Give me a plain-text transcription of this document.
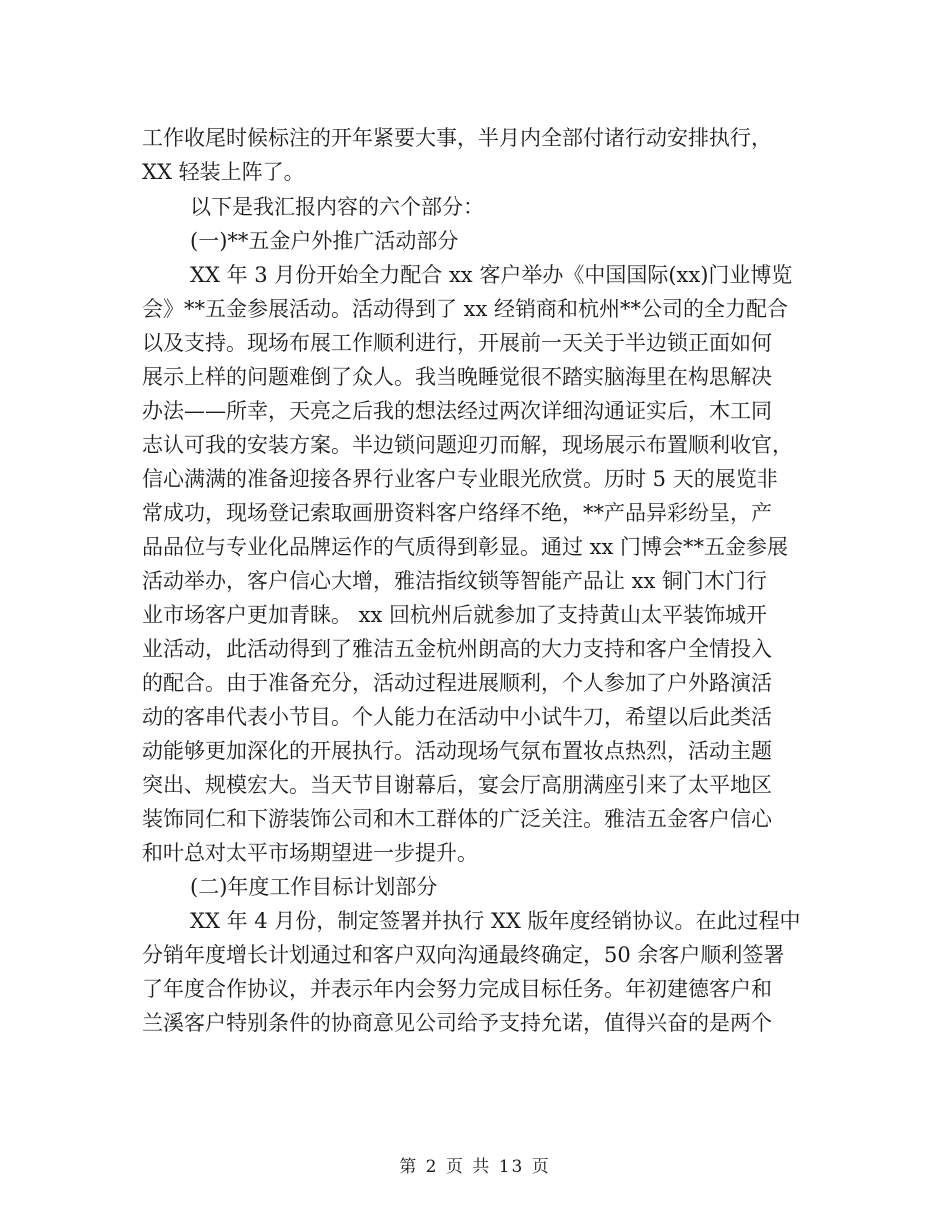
工作收尾时候标注的开年紧要大事，半月内全部付诸行动安排执行，
XX 轻装上阵了。
以下是我汇报内容的六个部分：
(一)**五金户外推广活动部分
XX 年 3 月份开始全力配合 xx 客户举办《中国国际(xx)门业博览
会》**五金参展活动。活动得到了 xx 经销商和杭州**公司的全力配合
以及支持。现场布展工作顺利进行，开展前一天关于半边锁正面如何
展示上样的问题难倒了众人。我当晚睡觉很不踏实脑海里在构思解决
办法——所幸，天亮之后我的想法经过两次详细沟通证实后，木工同
志认可我的安装方案。半边锁问题迎刃而解，现场展示布置顺利收官，
信心满满的准备迎接各界行业客户专业眼光欣赏。历时 5 天的展览非
常成功，现场登记索取画册资料客户络绎不绝，**产品异彩纷呈，产
品品位与专业化品牌运作的气质得到彰显。通过 xx 门博会**五金参展
活动举办，客户信心大增，雅洁指纹锁等智能产品让 xx 铜门木门行
业市场客户更加青睐。 xx 回杭州后就参加了支持黄山太平装饰城开
业活动，此活动得到了雅洁五金杭州朗高的大力支持和客户全情投入
的配合。由于准备充分，活动过程进展顺利，个人参加了户外路演活
动的客串代表小节目。个人能力在活动中小试牛刀，希望以后此类活
动能够更加深化的开展执行。活动现场气氛布置妆点热烈，活动主题
突出、规模宏大。当天节目谢幕后，宴会厅高朋满座引来了太平地区
装饰同仁和下游装饰公司和木工群体的广泛关注。雅洁五金客户信心
和叶总对太平市场期望进一步提升。
(二)年度工作目标计划部分
XX 年 4 月份，制定签署并执行 XX 版年度经销协议。在此过程中
分销年度增长计划通过和客户双向沟通最终确定，50 余客户顺利签署
了年度合作协议，并表示年内会努力完成目标任务。年初建德客户和
兰溪客户特别条件的协商意见公司给予支持允诺，值得兴奋的是两个
第 2 页 共 13 页
